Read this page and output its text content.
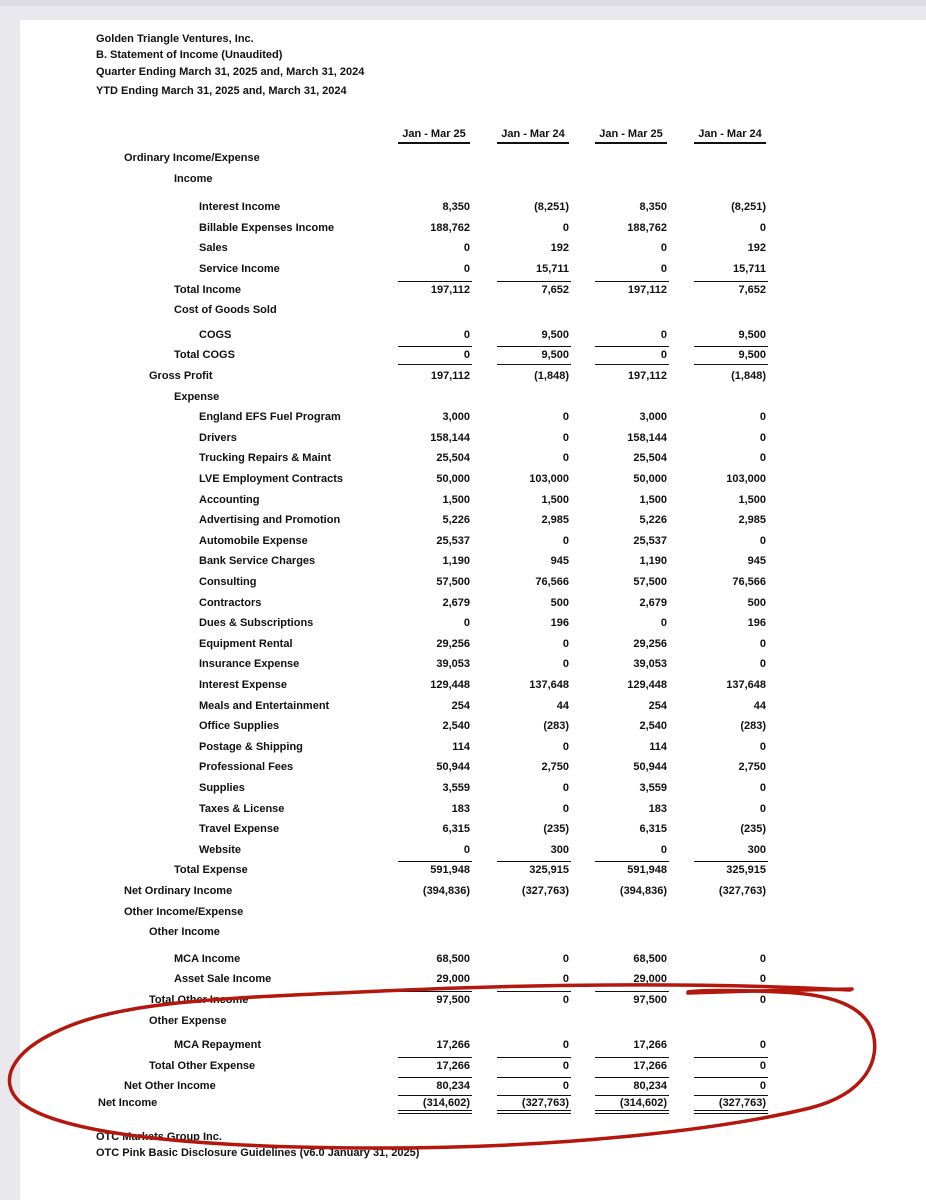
Golden Triangle Ventures, Inc.
B. Statement of Income (Unaudited)
Quarter Ending March 31, 2025 and, March 31, 2024
YTD Ending March 31, 2025 and, March 31, 2024
Jan - Mar 25	Jan - Mar 24	Jan - Mar 25	Jan - Mar 24
Ordinary Income/Expense
Income
Interest Income	8,350	(8,251)	8,350	(8,251)
Billable Expenses Income	188,762	0	188,762	0
Sales	0	192	0	192
Service Income	0	15,711	0	15,711
Total Income	197,112	7,652	197,112	7,652
Cost of Goods Sold
COGS	0	9,500	0	9,500
Total COGS	0	9,500	0	9,500
Gross Profit	197,112	(1,848)	197,112	(1,848)
Expense
England EFS Fuel Program	3,000	0	3,000	0
Drivers	158,144	0	158,144	0
Trucking Repairs & Maint	25,504	0	25,504	0
LVE Employment Contracts	50,000	103,000	50,000	103,000
Accounting	1,500	1,500	1,500	1,500
Advertising and Promotion	5,226	2,985	5,226	2,985
Automobile Expense	25,537	0	25,537	0
Bank Service Charges	1,190	945	1,190	945
Consulting	57,500	76,566	57,500	76,566
Contractors	2,679	500	2,679	500
Dues & Subscriptions	0	196	0	196
Equipment Rental	29,256	0	29,256	0
Insurance Expense	39,053	0	39,053	0
Interest Expense	129,448	137,648	129,448	137,648
Meals and Entertainment	254	44	254	44
Office Supplies	2,540	(283)	2,540	(283)
Postage & Shipping	114	0	114	0
Professional Fees	50,944	2,750	50,944	2,750
Supplies	3,559	0	3,559	0
Taxes & License	183	0	183	0
Travel Expense	6,315	(235)	6,315	(235)
Website	0	300	0	300
Total Expense	591,948	325,915	591,948	325,915
Net Ordinary Income	(394,836)	(327,763)	(394,836)	(327,763)
Other Income/Expense
Other Income
MCA Income	68,500	0	68,500	0
Asset Sale Income	29,000	0	29,000	0
Total Other Income	97,500	0	97,500	0
Other Expense
MCA Repayment	17,266	0	17,266	0
Total Other Expense	17,266	0	17,266	0
Net Other Income	80,234	0	80,234	0
Net Income	(314,602)	(327,763)	(314,602)	(327,763)
OTC Markets Group Inc.
OTC Pink Basic Disclosure Guidelines (v6.0 January 31, 2025)
